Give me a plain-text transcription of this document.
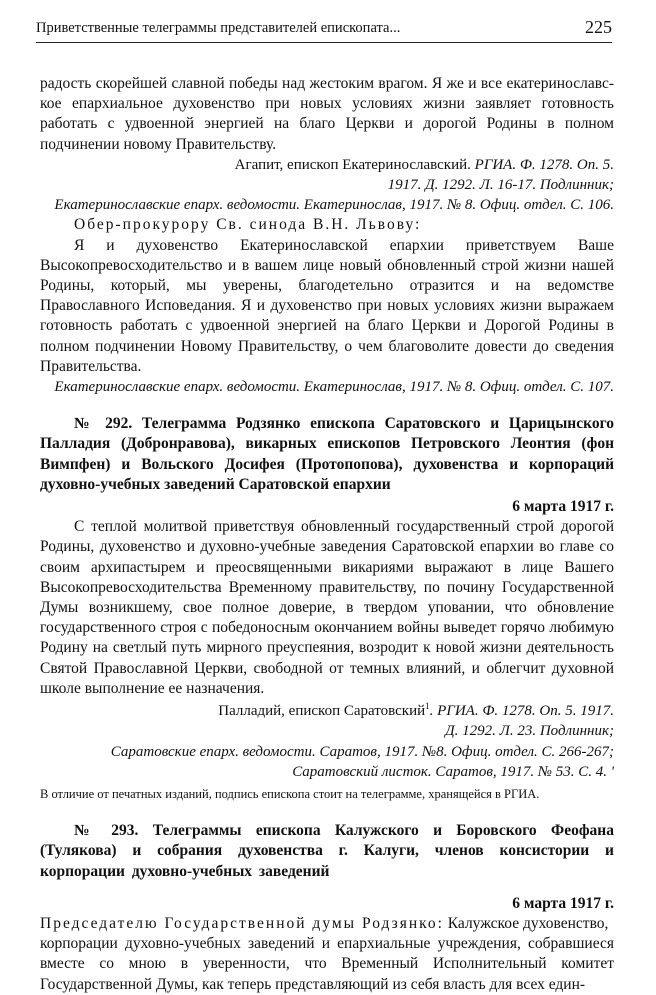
Приветственные телеграммы представителей епископата...	225

радость скорейшей славной победы над жестоким врагом. Я же и все екатеринославс-кое епархиальное духовенство при новых условиях жизни заявляет готовность работать с удвоенной энергией на благо Церкви и дорогой Родины в полном подчинении новому Правительству.

Агапит, епископ Екатеринославский. РГИА. Ф. 1278. Оп. 5.

1917. Д. 1292. Л. 16-17. Подлинник;

Екатеринославские епарх. ведомости. Екатеринослав, 1917. № 8. Офиц. отдел. С. 106.

Обер-прокурору Св. синода В.Н. Львову:

Я и духовенство Екатеринославской епархии приветствуем Ваше Высокопревосходительство и в вашем лице новый обновленный строй жизни нашей Родины, который, мы уверены, благодетельно отразится и на ведомстве Православного Исповедания. Я и духовенство при новых условиях жизни выражаем готовность работать с удвоенной энергией на благо Церкви и Дорогой Родины в полном подчинении Новому Правительству, о чем благоволите довести до сведения Правительства.

Екатеринославские епарх. ведомости. Екатеринослав, 1917. № 8. Офиц. отдел. С. 107.

№ 292. Телеграмма Родзянко епископа Саратовского и Царицынского Палладия (Добронравова), викарных епископов Петровского Леонтия (фон Вимпфен) и Вольского Досифея (Протопопова), духовенства и корпораций духовно-учебных заведений Саратовской епархии

6 марта 1917 г.

С теплой молитвой приветствуя обновленный государственный строй дорогой Родины, духовенство и духовно-учебные заведения Саратовской епархии во главе со своим архипастырем и преосвященными викариями выражают в лице Вашего Высокопревосходительства Временному правительству, по почину Государственной Думы возникшему, свое полное доверие, в твердом уповании, что обновление государственного строя с победоносным окончанием войны выведет горячо любимую Родину на светлый путь мирного преуспеяния, возродит к новой жизни деятельность Святой Православной Церкви, свободной от темных влияний, и облегчит духовной школе выполнение ее назначения.

Палладий, епископ Саратовский$^1$. РГИА. Ф. 1278. Оп. 5. 1917.

Д. 1292. Л. 23. Подлинник;

Саратовские епарх. ведомости. Саратов, 1917. №8. Офиц. отдел. С. 266-267;

Саратовский листок. Саратов, 1917. № 53. С. 4. '

В отличие от печатных изданий, подпись епископа стоит на телеграмме, хранящейся в РГИА.

№ 293. Телеграммы епископа Калужского и Боровского Феофана (Тулякова) и собрания духовенства г. Калуги, членов консистории и корпорации духовно-учебных заведений

6 марта 1917 г.

Председателю Государственной думы Родзянко: Калужское духовенство,

корпорации духовно-учебных заведений и епархиальные учреждения, собравшиеся вместе со мною в уверенности, что Временный Исполнительный комитет Государственной Думы, как теперь представляющий из себя власть для всех един-
